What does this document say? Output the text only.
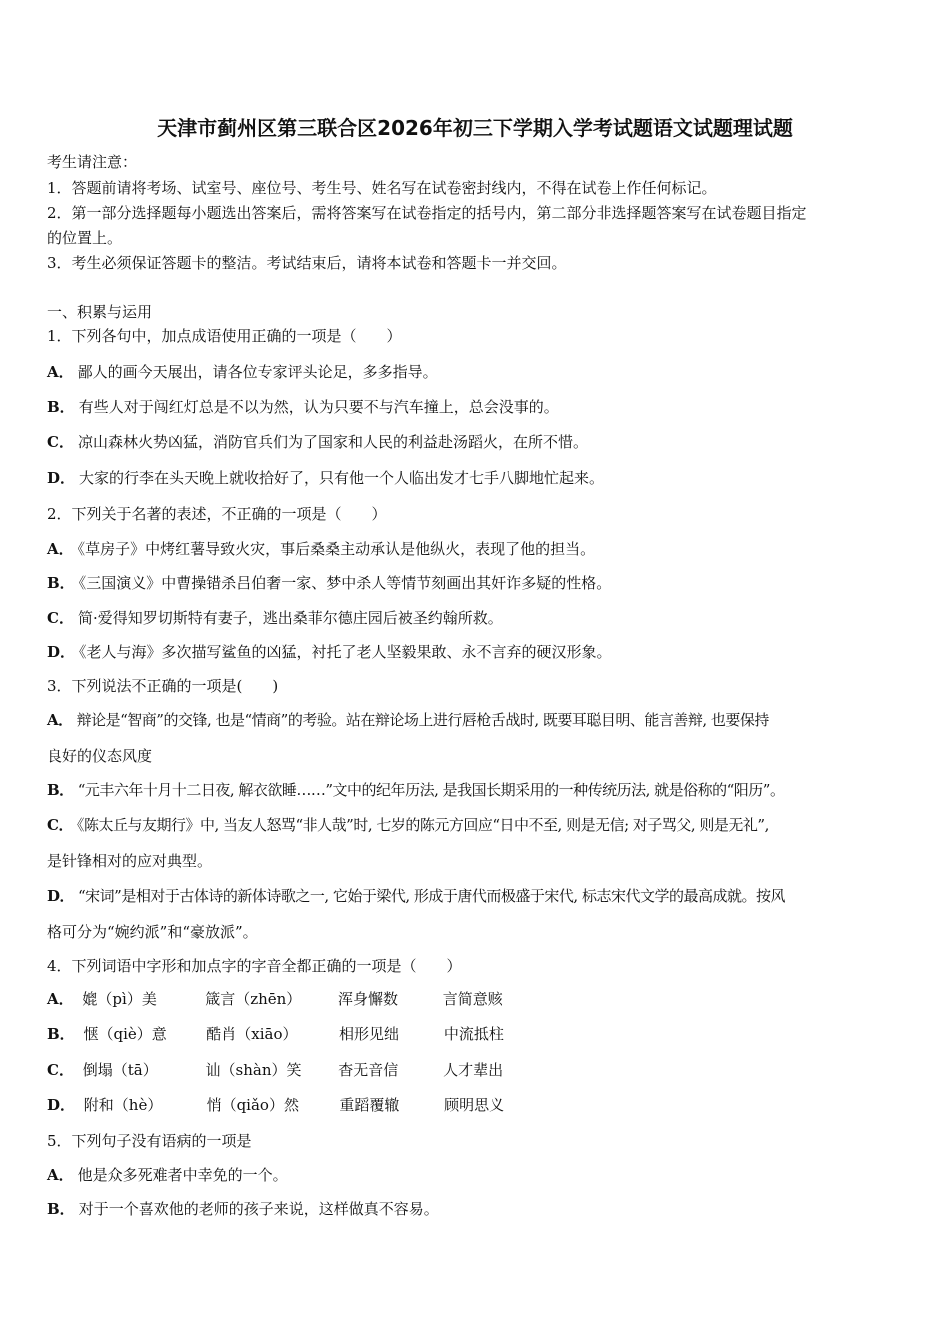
天津市蓟州区第三联合区2026年初三下学期入学考试题语文试题理试题
考生请注意：
1．答题前请将考场、试室号、座位号、考生号、姓名写在试卷密封线内，不得在试卷上作任何标记。
2．第一部分选择题每小题选出答案后，需将答案写在试卷指定的括号内，第二部分非选择题答案写在试卷题目指定
的位置上。
3．考生必须保证答题卡的整洁。考试结束后，请将本试卷和答题卡一并交回。
一、积累与运用
1．下列各句中，加点成语使用正确的一项是（　　）
A． 鄙人的画今天展出，请各位专家评头论足，多多指导。
B． 有些人对于闯红灯总是不以为然，认为只要不与汽车撞上，总会没事的。
C． 凉山森林火势凶猛，消防官兵们为了国家和人民的利益赴汤蹈火，在所不惜。
D． 大家的行李在头天晚上就收拾好了，只有他一个人临出发才七手八脚地忙起来。
2．下列关于名著的表述，不正确的一项是（　　）
A． 《草房子》中烤红薯导致火灾，事后桑桑主动承认是他纵火，表现了他的担当。
B． 《三国演义》中曹操错杀吕伯奢一家、梦中杀人等情节刻画出其奸诈多疑的性格。
C． 简·爱得知罗切斯特有妻子，逃出桑菲尔德庄园后被圣约翰所救。
D． 《老人与海》多次描写鲨鱼的凶猛，衬托了老人坚毅果敢、永不言弃的硬汉形象。
3．下列说法不正确的一项是(　　)
A． 辩论是“智商”的交锋, 也是“情商”的考验。站在辩论场上进行唇枪舌战时, 既要耳聪目明、能言善辩, 也要保持
良好的仪态风度
B． “元丰六年十月十二日夜, 解衣欲睡……”文中的纪年历法, 是我国长期采用的一种传统历法, 就是俗称的“阳历”。
C． 《陈太丘与友期行》中, 当友人怒骂“非人哉”时, 七岁的陈元方回应“日中不至, 则是无信; 对子骂父, 则是无礼”,
是针锋相对的应对典型。
D． “宋词”是相对于古体诗的新体诗歌之一, 它始于梁代, 形成于唐代而极盛于宋代, 标志宋代文学的最高成就。按风
格可分为“婉约派”和“豪放派”。
4．下列词语中字形和加点字的字音全都正确的一项是（　　）
A． 媲（pì）美	箴言（zhēn） 浑身懈数	言简意赅
B． 惬（qiè）意	酷肖（xiāo）	相形见绌	中流抵柱
C． 倒塌（tā）	讪（shàn）笑 杳无音信	人才辈出
D． 附和（hè）	悄（qiǎo）然	重蹈覆辙	顾明思义
5．下列句子没有语病的一项是
A． 他是众多死难者中幸免的一个。
B． 对于一个喜欢他的老师的孩子来说，这样做真不容易。
